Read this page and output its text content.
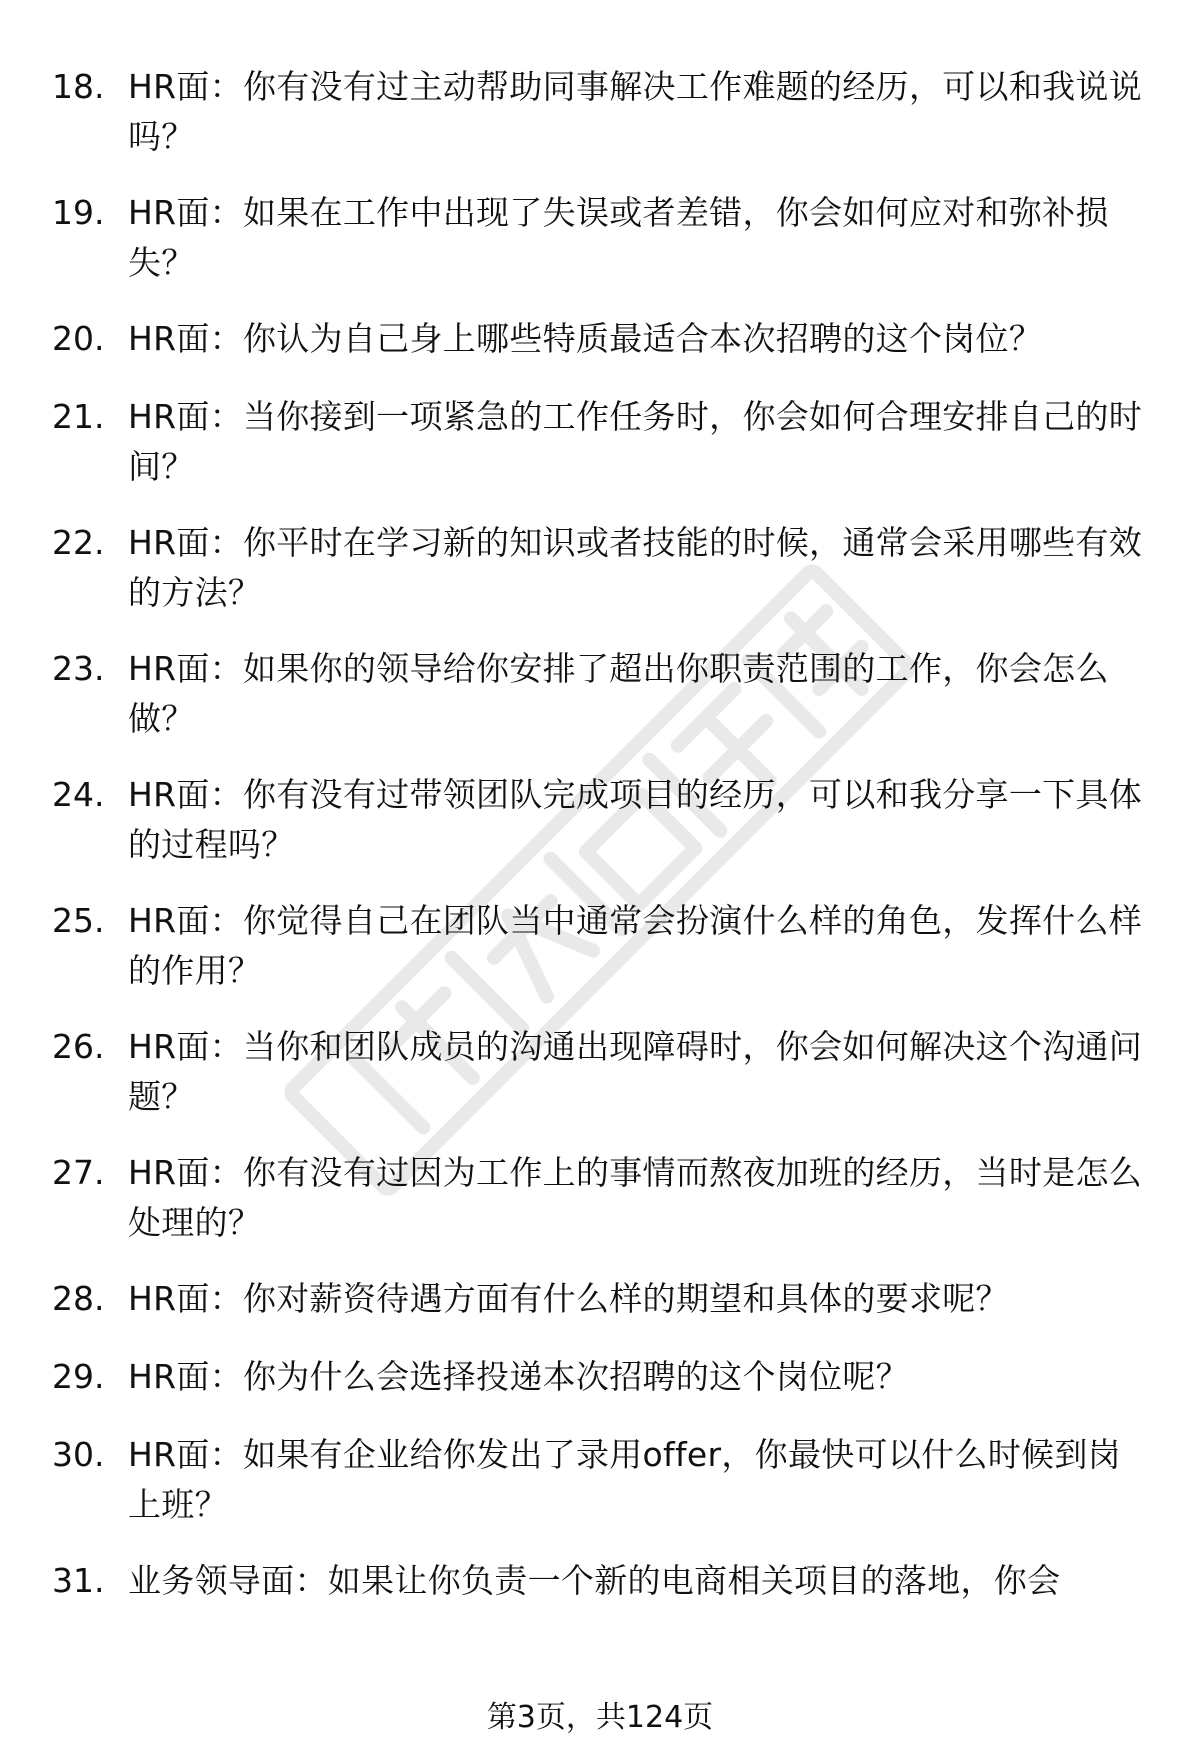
18. HR面：你有没有过主动帮助同事解决工作难题的经历，可以和我说说吗？
19. HR面：如果在工作中出现了失误或者差错，你会如何应对和弥补损失？
20. HR面：你认为自己身上哪些特质最适合本次招聘的这个岗位？
21. HR面：当你接到一项紧急的工作任务时，你会如何合理安排自己的时间？
22. HR面：你平时在学习新的知识或者技能的时候，通常会采用哪些有效的方法？
23. HR面：如果你的领导给你安排了超出你职责范围的工作，你会怎么做？
24. HR面：你有没有过带领团队完成项目的经历，可以和我分享一下具体的过程吗？
25. HR面：你觉得自己在团队当中通常会扮演什么样的角色，发挥什么样的作用？
26. HR面：当你和团队成员的沟通出现障碍时，你会如何解决这个沟通问题？
27. HR面：你有没有过因为工作上的事情而熬夜加班的经历，当时是怎么处理的？
28. HR面：你对薪资待遇方面有什么样的期望和具体的要求呢？
29. HR面：你为什么会选择投递本次招聘的这个岗位呢？
30. HR面：如果有企业给你发出了录用offer，你最快可以什么时候到岗上班？
31. 业务领导面：如果让你负责一个新的电商相关项目的落地，你会
第3页，共124页
